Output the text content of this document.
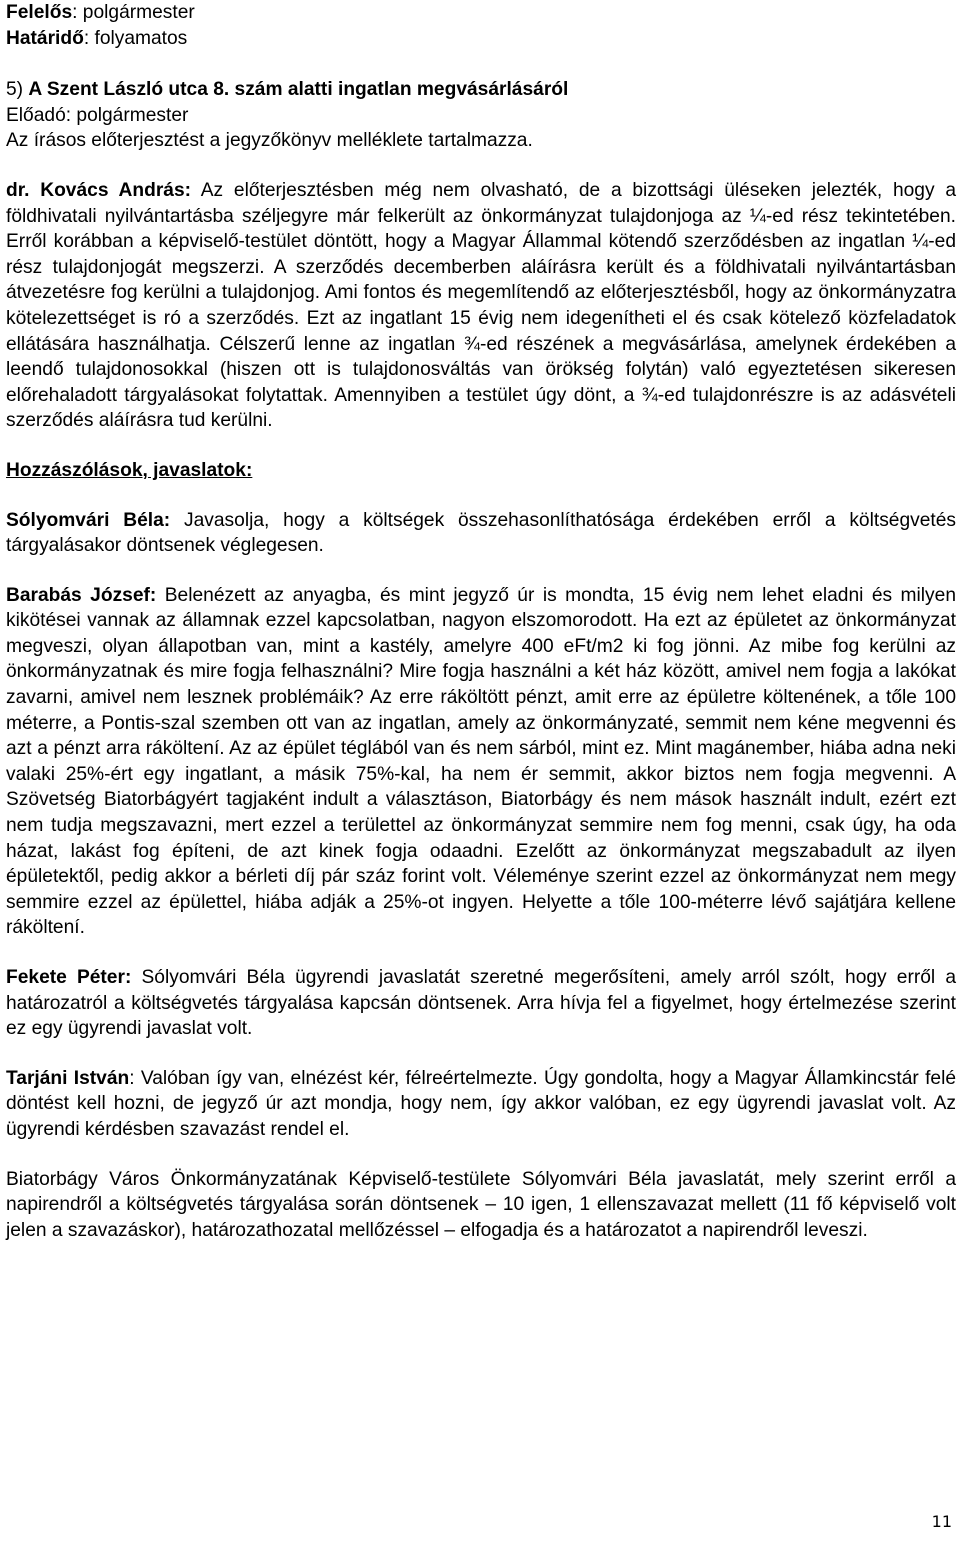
Felelős: polgármester

Határidő: folyamatos

5) A Szent László utca 8. szám alatti ingatlan megvásárlásáról

Előadó: polgármester

Az írásos előterjesztést a jegyzőkönyv melléklete tartalmazza.

dr. Kovács András: Az előterjesztésben még nem olvasható, de a bizottsági üléseken jelezték, hogy a földhivatali nyilvántartásba széljegyre már felkerült az önkormányzat tulajdonjoga az ¼-ed rész tekintetében. Erről korábban a képviselő-testület döntött, hogy a Magyar Állammal kötendő szerződésben az ingatlan ¼-ed rész tulajdonjogát megszerzi. A szerződés decemberben aláírásra került és a földhivatali nyilvántartásban átvezetésre fog kerülni a tulajdonjog. Ami fontos és megemlítendő az előterjesztésből, hogy az önkormányzatra kötelezettséget is ró a szerződés. Ezt az ingatlant 15 évig nem idegenítheti el és csak kötelező közfeladatok ellátására használhatja. Célszerű lenne az ingatlan ¾-ed részének a megvásárlása, amelynek érdekében a leendő tulajdonosokkal (hiszen ott is tulajdonosváltás van örökség folytán) való egyeztetésen sikeresen előrehaladott tárgyalásokat folytattak. Amennyiben a testület úgy dönt, a ¾-ed tulajdonrészre is az adásvételi szerződés aláírásra tud kerülni.

Hozzászólások, javaslatok:

Sólyomvári Béla: Javasolja, hogy a költségek összehasonlíthatósága érdekében erről a költségvetés tárgyalásakor döntsenek véglegesen.

Barabás József: Belenézett az anyagba, és mint jegyző úr is mondta, 15 évig nem lehet eladni és milyen kikötései vannak az államnak ezzel kapcsolatban, nagyon elszomorodott. Ha ezt az épületet az önkormányzat megveszi, olyan állapotban van, mint a kastély, amelyre 400 eFt/m2 ki fog jönni. Az mibe fog kerülni az önkormányzatnak és mire fogja felhasználni? Mire fogja használni a két ház között, amivel nem fogja a lakókat zavarni, amivel nem lesznek problémáik? Az erre ráköltött pénzt, amit erre az épületre költenének, a tőle 100 méterre, a Pontis-szal szemben ott van az ingatlan, amely az önkormányzaté, semmit nem kéne megvenni és azt a pénzt arra ráköltení. Az az épület téglából van és nem sárból, mint ez. Mint magánember, hiába adna neki valaki 25%-ért egy ingatlant, a másik 75%-kal, ha nem ér semmit, akkor biztos nem fogja megvenni. A Szövetség Biatorbágyért tagjaként indult a választáson, Biatorbágy és nem mások használt indult, ezért ezt nem tudja megszavazni, mert ezzel a területtel az önkormányzat semmire nem fog menni, csak úgy, ha oda házat, lakást fog építeni, de azt kinek fogja odaadni. Ezelőtt az önkormányzat megszabadult az ilyen épületektől, pedig akkor a bérleti díj pár száz forint volt. Véleménye szerint ezzel az önkormányzat nem megy semmire ezzel az épülettel, hiába adják a 25%-ot ingyen. Helyette a tőle 100-méterre lévő sajátjára kellene ráköltení.

Fekete Péter: Sólyomvári Béla ügyrendi javaslatát szeretné megerősíteni, amely arról szólt, hogy erről a határozatról a költségvetés tárgyalása kapcsán döntsenek. Arra hívja fel a figyelmet, hogy értelmezése szerint ez egy ügyrendi javaslat volt.

Tarjáni István: Valóban így van, elnézést kér, félreértelmezte. Úgy gondolta, hogy a Magyar Államkincstár felé döntést kell hozni, de jegyző úr azt mondja, hogy nem, így akkor valóban, ez egy ügyrendi javaslat volt. Az ügyrendi kérdésben szavazást rendel el.

Biatorbágy Város Önkormányzatának Képviselő-testülete Sólyomvári Béla javaslatát, mely szerint erről a napirendről a költségvetés tárgyalása során döntsenek – 10 igen, 1 ellenszavazat mellett (11 fő képviselő volt jelen a szavazáskor), határozathozatal mellőzéssel – elfogadja és a határozatot a napirendről leveszi.

11
